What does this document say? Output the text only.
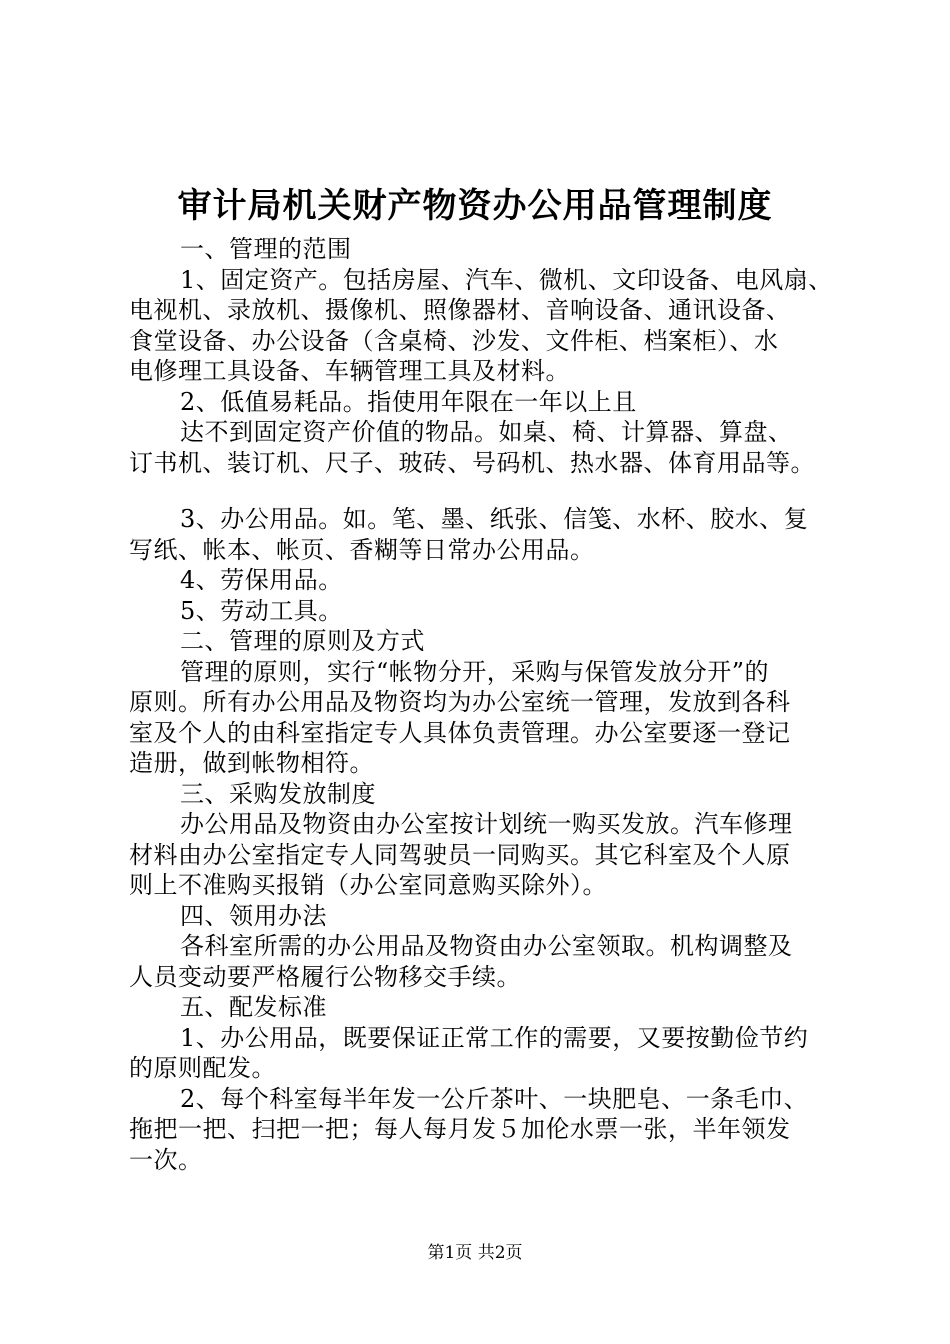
审计局机关财产物资办公用品管理制度
一、管理的范围
1、固定资产。包括房屋、汽车、微机、文印设备、电风扇、
电视机、录放机、摄像机、照像器材、音响设备、通讯设备、
食堂设备、办公设备（含桌椅、沙发、文件柜、档案柜）、水
电修理工具设备、车辆管理工具及材料。
2、低值易耗品。指使用年限在一年以上且
达不到固定资产价值的物品。如桌、椅、计算器、算盘、
订书机、装订机、尺子、玻砖、号码机、热水器、体育用品等。
3、办公用品。如。笔、墨、纸张、信笺、水杯、胶水、复
写纸、帐本、帐页、香糊等日常办公用品。
4、劳保用品。
5、劳动工具。
二、管理的原则及方式
管理的原则，实行“帐物分开，采购与保管发放分开”的
原则。所有办公用品及物资均为办公室统一管理，发放到各科
室及个人的由科室指定专人具体负责管理。办公室要逐一登记
造册，做到帐物相符。
三、采购发放制度
办公用品及物资由办公室按计划统一购买发放。汽车修理
材料由办公室指定专人同驾驶员一同购买。其它科室及个人原
则上不准购买报销（办公室同意购买除外）。
四、领用办法
各科室所需的办公用品及物资由办公室领取。机构调整及
人员变动要严格履行公物移交手续。
五、配发标准
1、办公用品，既要保证正常工作的需要，又要按勤俭节约
的原则配发。
2、每个科室每半年发一公斤茶叶、一块肥皂、一条毛巾、
拖把一把、扫把一把；每人每月发５加伦水票一张，半年领发
一次。
第1页 共2页
